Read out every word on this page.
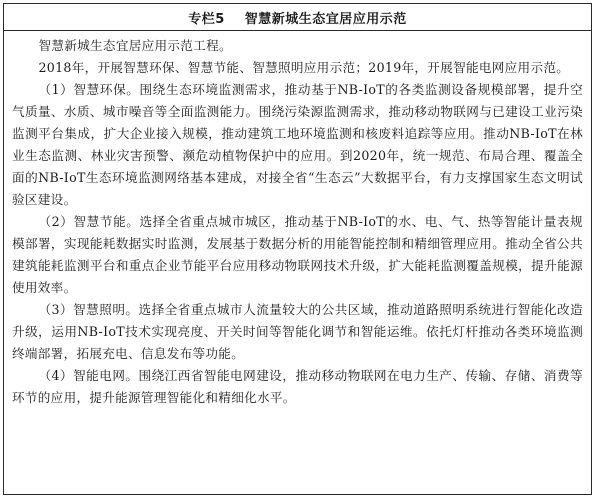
专栏5 智慧新城生态宜居应用示范

智慧新城生态宜居应用示范工程。

2018年，开展智慧环保、智慧节能、智慧照明应用示范；2019年，开展智能电网应用示范。

（1）智慧环保。围绕生态环境监测需求，推动基于NB-IoT的各类监测设备规模部署，提升空气质量、水质、城市噪音等全面监测能力。围绕污染源监测需求，推动移动物联网与已建设工业污染监测平台集成，扩大企业接入规模，推动建筑工地环境监测和核废料追踪等应用。推动NB-IoT在林业生态监测、林业灾害预警、濒危动植物保护中的应用。到2020年，统一规范、布局合理、覆盖全面的NB-IoT生态环境监测网络基本建成，对接全省“生态云”大数据平台，有力支撑国家生态文明试验区建设。

（2）智慧节能。选择全省重点城市城区，推动基于NB-IoT的水、电、气、热等智能计量表规模部署，实现能耗数据实时监测，发展基于数据分析的用能智能控制和精细管理应用。推动全省公共建筑能耗监测平台和重点企业节能平台应用移动物联网技术升级，扩大能耗监测覆盖规模，提升能源使用效率。

（3）智慧照明。选择全省重点城市人流量较大的公共区域，推动道路照明系统进行智能化改造升级，运用NB-IoT技术实现亮度、开关时间等智能化调节和智能运维。依托灯杆推动各类环境监测终端部署，拓展充电、信息发布等功能。

（4）智能电网。围绕江西省智能电网建设，推动移动物联网在电力生产、传输、存储、消费等环节的应用，提升能源管理智能化和精细化水平。
